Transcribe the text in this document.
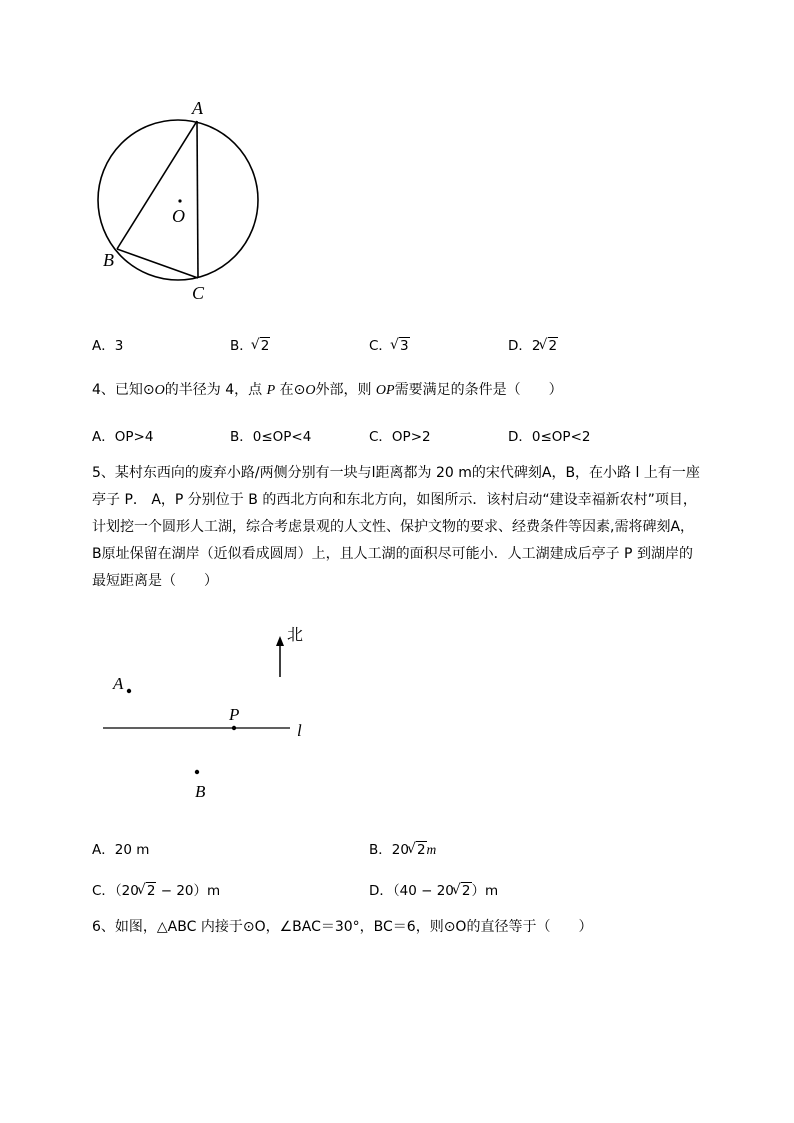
A
O
B
C
A．3	B． √ 2	C． √ 3	D．2 √ 2
4、已知⊙O的半径为 4，点 P 在⊙O外部，则 OP需要满足的条件是（　　）
A．OP>4	B．0≤OP<4	C．OP>2	D．0≤OP<2

5、某村东西向的废弃小路/两侧分别有一块与l距离都为 20 m的宋代碑刻A，B，在小路 l 上有一座

亭子 P． A，P 分别位于 B 的西北方向和东北方向，如图所示．该村启动“建设幸福新农村”项目，

计划挖一个圆形人工湖，综合考虑景观的人文性、保护文物的要求、经费条件等因素,需将碑刻A，

B原址保留在湖岸（近似看成圆周）上，且人工湖的面积尽可能小．人工湖建成后亭子 P 到湖岸的

最短距离是（　　）

北
A
P
l
B
A．20 m	B．20 √ 2m
C．（20 √ 2 − 20）m	D．（40 − 20 √ 2）m
6、如图，△ABC 内接于⊙O，∠BAC＝30°，BC＝6，则⊙O的直径等于（　　）
